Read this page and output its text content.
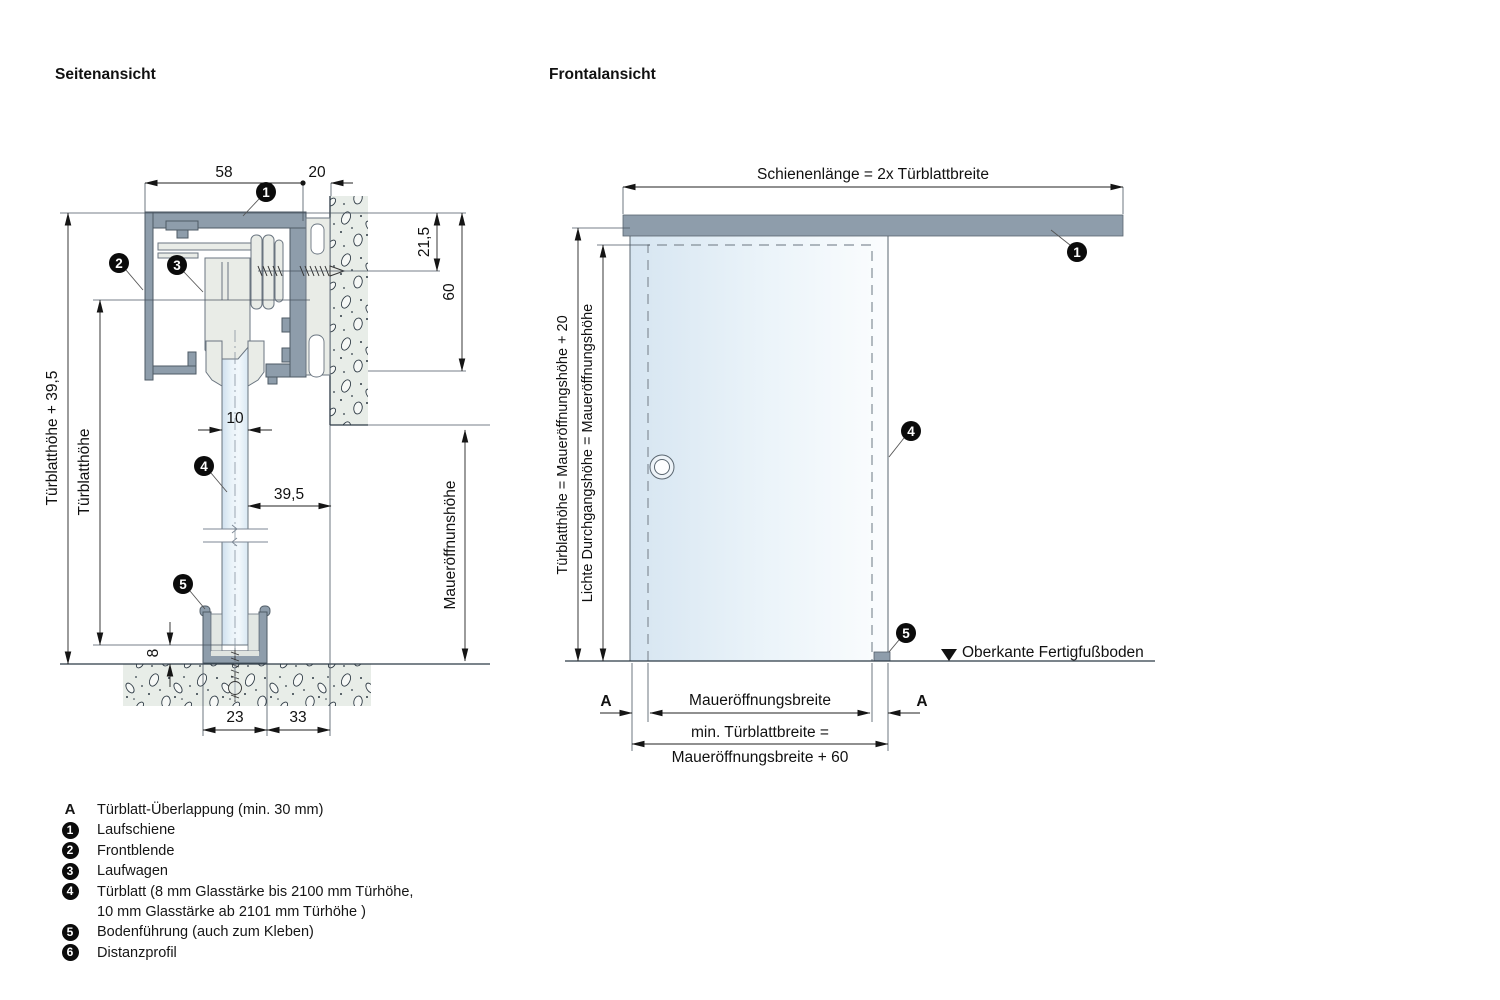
Seitenansicht	Frontalansicht
58	20
21,5
60
Türblatthöhe + 39,5 Türblatthöhe
10
39,5
8
23	33
Maueröffnunshöhe
1
2	3
4
5
Oberkante Fertigfußboden
Schienenlänge = 2x Türblattbreite
Türblatthöhe = Maueröffnungshöhe + 20 Lichte Durchgangshöhe = Maueröffnungshöhe
A	Maueröffnungsbreite	A
min. Türblattbreite =
Maueröffnungsbreite + 60
1
4
5
A Türblatt-Überlappung (min. 30 mm)
1	Laufschiene
2	Frontblende
3	Laufwagen
4	Türblatt (8 mm Glasstärke bis 2100 mm Türhöhe,
10 mm Glasstärke ab 2101 mm Türhöhe )
5	Bodenführung (auch zum Kleben)
6	Distanzprofil
